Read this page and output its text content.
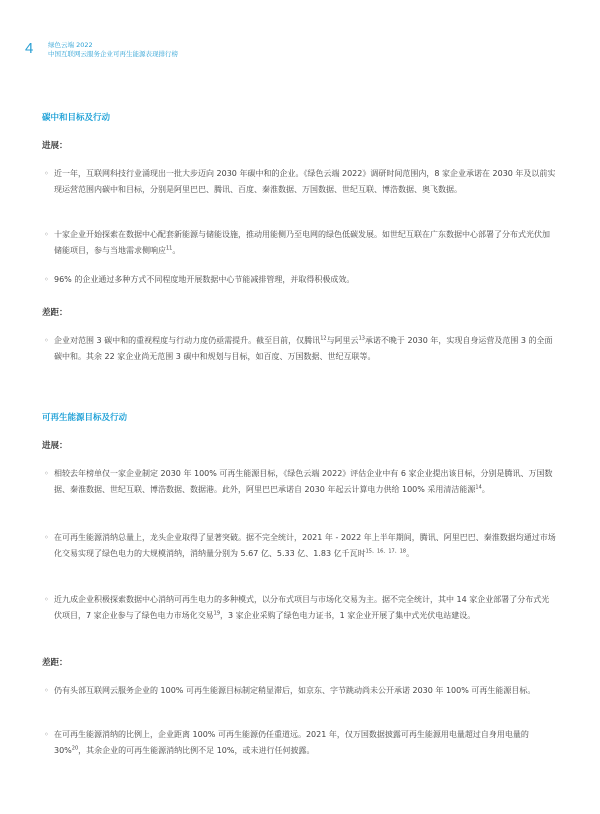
4 绿色云端 2022
中国互联网云服务企业可再生能源表现排行榜
碳中和目标及行动
进展：
◦ 近一年，互联网科技行业涌现出一批大步迈向 2030 年碳中和的企业。《绿色云端 2022》调研时间范围内，8 家企业承诺在 2030 年及以前实现运营范围内碳中和目标，分别是阿里巴巴、腾讯、百度、秦淮数据、万国数据、世纪互联、博浩数据、奥飞数据。
◦ 十家企业开始探索在数据中心配套新能源与储能设施，推动用能侧乃至电网的绿色低碳发展。如世纪互联在广东数据中心部署了分布式光伏加储能项目，参与当地需求侧响应$^{11}$。
◦ 96% 的企业通过多种方式不同程度地开展数据中心节能减排管理，并取得积极成效。
差距：
◦ 企业对范围 3 碳中和的重视程度与行动力度仍亟需提升。截至目前，仅腾讯$^{12}$与阿里云$^{13}$承诺不晚于 2030 年，实现自身运营及范围 3 的全面碳中和。其余 22 家企业尚无范围 3 碳中和规划与目标，如百度、万国数据、世纪互联等。
可再生能源目标及行动
进展：
◦ 相较去年榜单仅一家企业制定 2030 年 100% 可再生能源目标，《绿色云端 2022》评估企业中有 6 家企业提出该目标，分别是腾讯、万国数据、秦淮数据、世纪互联、博浩数据、数据港。此外，阿里巴巴承诺自 2030 年起云计算电力供给 100% 采用清洁能源$^{14}$。
◦ 在可再生能源消纳总量上，龙头企业取得了显著突破。据不完全统计，2021 年 - 2022 年上半年期间，腾讯、阿里巴巴、秦淮数据均通过市场化交易实现了绿色电力的大规模消纳，消纳量分别为 5.67 亿、5.33 亿、1.83 亿千瓦时$^{15、16、17、18}$。
◦ 近九成企业积极探索数据中心消纳可再生电力的多种模式，以分布式项目与市场化交易为主。据不完全统计，其中 14 家企业部署了分布式光伏项目，7 家企业参与了绿色电力市场化交易$^{19}$，3 家企业采购了绿色电力证书，1 家企业开展了集中式光伏电站建设。
差距：
◦ 仍有头部互联网云服务企业的 100% 可再生能源目标制定稍显滞后，如京东、字节跳动尚未公开承诺 2030 年 100% 可再生能源目标。
◦ 在可再生能源消纳的比例上，企业距离 100% 可再生能源仍任重道远。2021 年，仅万国数据披露可再生能源用电量超过自身用电量的 30%$^{20}$，其余企业的可再生能源消纳比例不足 10%，或未进行任何披露。
